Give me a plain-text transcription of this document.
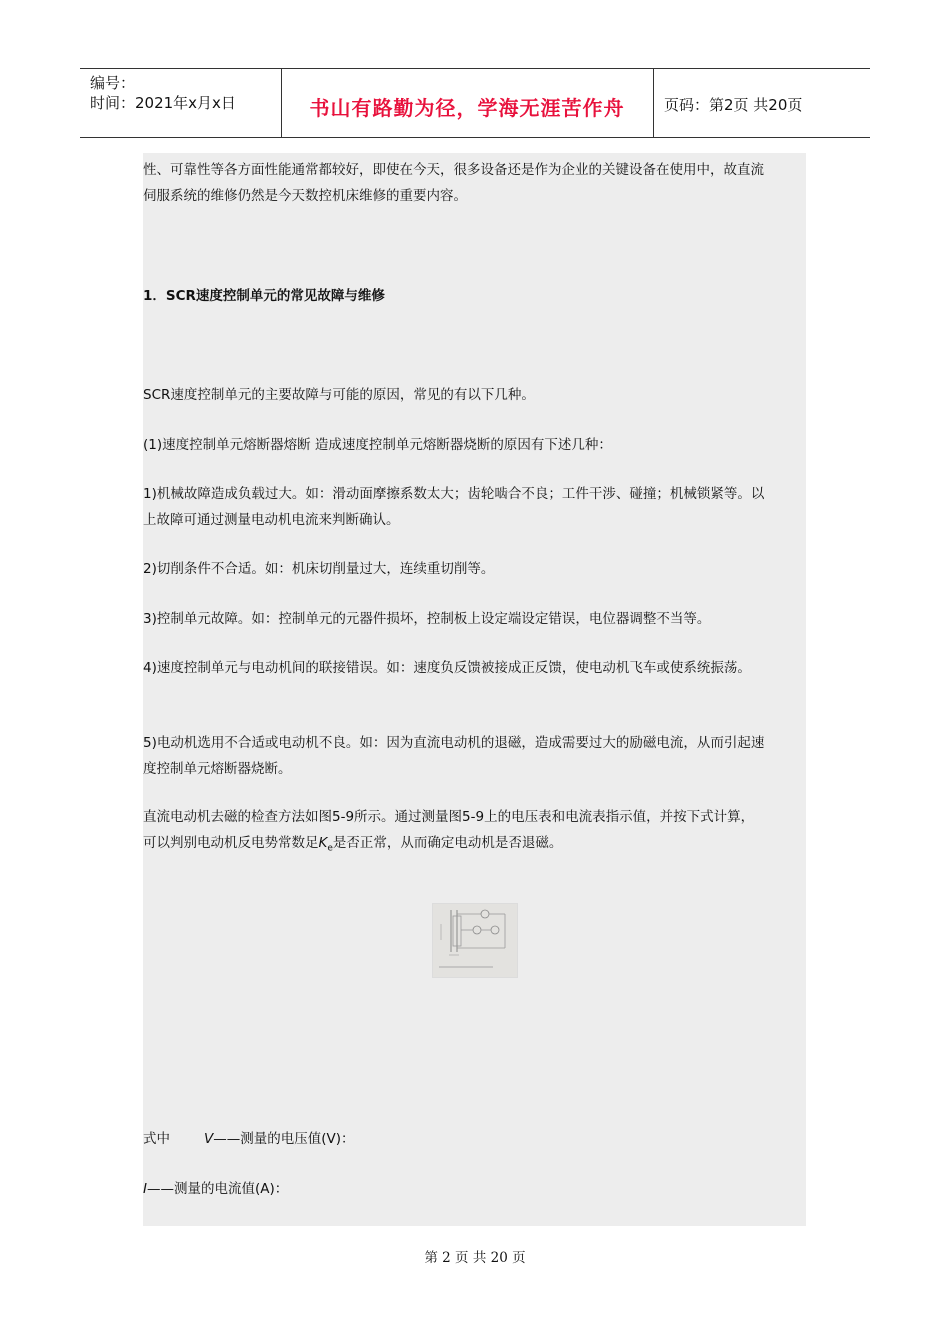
编号：
时间：2021年x月x日	书山有路勤为径，学海无涯苦作舟	页码：第2页 共20页
性、可靠性等各方面性能通常都较好，即使在今天，很多设备还是作为企业的关键设备在使用中，故直流
伺服系统的维修仍然是今天数控机床维修的重要内容。
1．SCR速度控制单元的常见故障与维修
SCR速度控制单元的主要故障与可能的原因，常见的有以下几种。
(1)速度控制单元熔断器熔断 造成速度控制单元熔断器烧断的原因有下述几种：
1)机械故障造成负载过大。如：滑动面摩擦系数太大；齿轮啮合不良；工件干涉、碰撞；机械锁紧等。以
上故障可通过测量电动机电流来判断确认。
2)切削条件不合适。如：机床切削量过大，连续重切削等。
3)控制单元故障。如：控制单元的元器件损坏，控制板上设定端设定错误，电位器调整不当等。
4)速度控制单元与电动机间的联接错误。如：速度负反馈被接成正反馈，使电动机飞车或使系统振荡。
5)电动机选用不合适或电动机不良。如：因为直流电动机的退磁，造成需要过大的励磁电流，从而引起速
度控制单元熔断器烧断。
直流电动机去磁的检查方法如图5-9所示。通过测量图5-9上的电压表和电流表指示值，并按下式计算，
可以判别电动机反电势常数足$K_e$是否正常，从而确定电动机是否退磁。
式中	V——测量的电压值(V)：
I——测量的电流值(A)：
第 2 页 共 20 页
